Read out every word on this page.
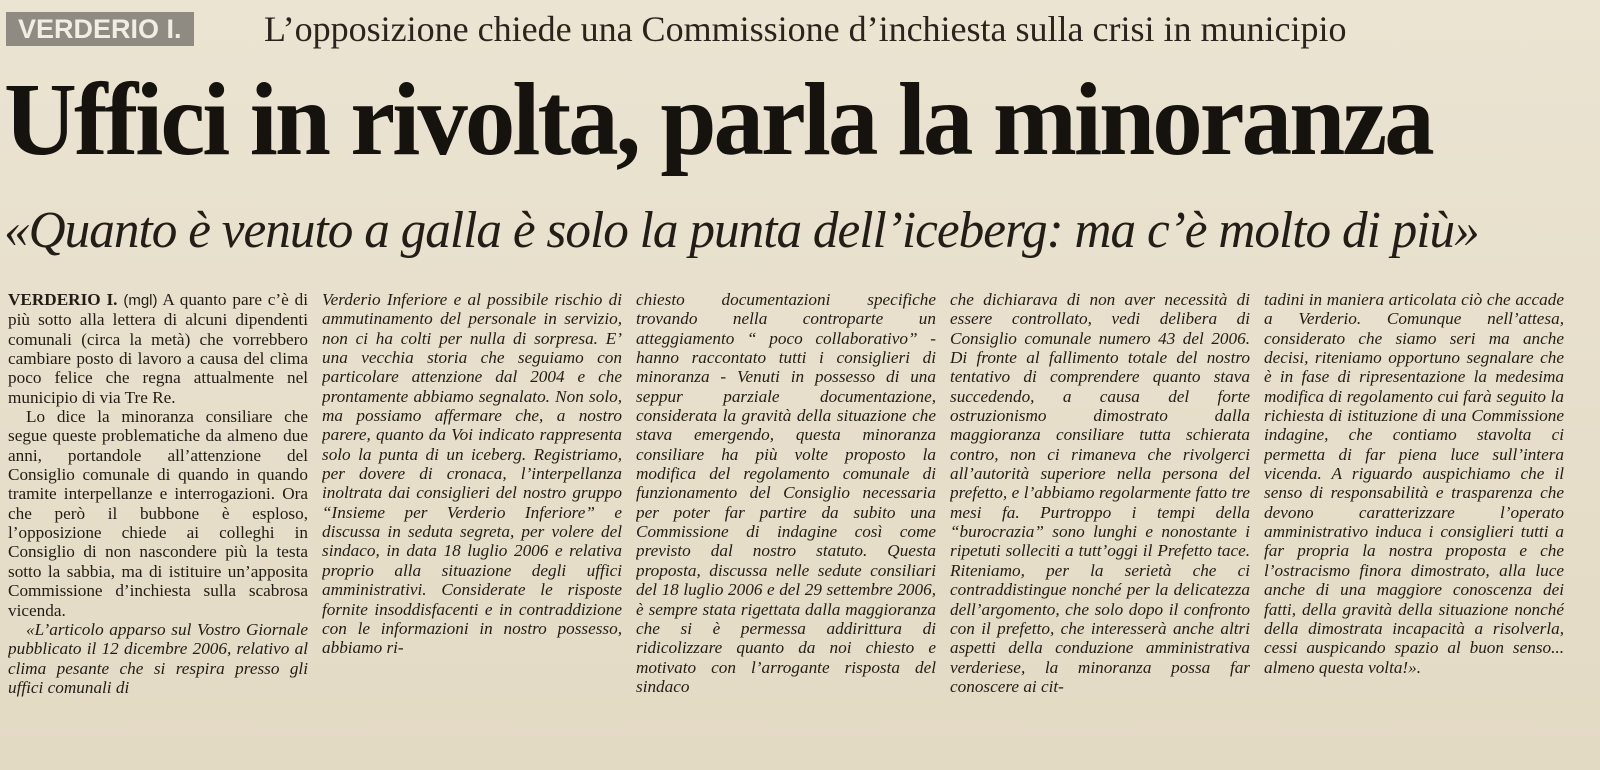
VERDERIO I.	L’opposizione chiede una Commissione d’inchiesta sulla crisi in municipio
Uffici in rivolta, parla la minoranza
«Quanto è venuto a galla è solo la punta dell’iceberg: ma c’è molto di più»

VERDERIO I. (mgl) A quanto pare c’è di più sotto alla lettera di alcuni dipendenti comunali (circa la metà) che vorrebbero cambiare posto di lavoro a causa del clima poco felice che regna attualmente nel municipio di via Tre Re.

Lo dice la minoranza consiliare che segue queste problematiche da almeno due anni, portandole all’attenzione del Consiglio comunale di quando in quando tramite interpellanze e interrogazioni. Ora che però il bubbone è esploso, l’opposizione chiede ai colleghi in Consiglio di non nascondere più la testa sotto la sabbia, ma di istituire un’apposita Commissione d’inchiesta sulla scabrosa vicenda.

«L’articolo apparso sul Vostro Giornale pubblicato il 12 dicembre 2006, relativo al clima pesante che si respira presso gli uffici comunali di

Verderio Inferiore e al possibile rischio di ammutinamento del personale in servizio, non ci ha colti per nulla di sorpresa. E’ una vecchia storia che seguiamo con particolare attenzione dal 2004 e che prontamente abbiamo segnalato. Non solo, ma possiamo affermare che, a nostro parere, quanto da Voi indicato rappresenta solo la punta di un iceberg. Registriamo, per dovere di cronaca, l’interpellanza inoltrata dai consiglieri del nostro gruppo “Insieme per Verderio Inferiore” e discussa in seduta segreta, per volere del sindaco, in data 18 luglio 2006 e relativa proprio alla situazione degli uffici amministrativi. Considerate le risposte fornite insoddisfacenti e in contraddizione con le informazioni in nostro possesso, abbiamo ri-

chiesto documentazioni specifiche trovando nella controparte un atteggiamento “ poco collaborativo” - hanno raccontato tutti i consiglieri di minoranza - Venuti in possesso di una seppur parziale documentazione, considerata la gravità della situazione che stava emergendo, questa minoranza consiliare ha più volte proposto la modifica del regolamento comunale di funzionamento del Consiglio necessaria per poter far partire da subito una Commissione di indagine così come previsto dal nostro statuto. Questa proposta, discussa nelle sedute consiliari del 18 luglio 2006 e del 29 settembre 2006, è sempre stata rigettata dalla maggioranza che si è permessa addirittura di ridicolizzare quanto da noi chiesto e motivato con l’arrogante risposta del sindaco

che dichiarava di non aver necessità di essere controllato, vedi delibera di Consiglio comunale numero 43 del 2006. Di fronte al fallimento totale del nostro tentativo di comprendere quanto stava succedendo, a causa del forte ostruzionismo dimostrato dalla maggioranza consiliare tutta schierata contro, non ci rimaneva che rivolgerci all’autorità superiore nella persona del prefetto, e l’abbiamo regolarmente fatto tre mesi fa. Purtroppo i tempi della “burocrazia” sono lunghi e nonostante i ripetuti solleciti a tutt’oggi il Prefetto tace. Riteniamo, per la serietà che ci contraddistingue nonché per la delicatezza dell’argomento, che solo dopo il confronto con il prefetto, che interesserà anche altri aspetti della conduzione amministrativa verderiese, la minoranza possa far conoscere ai cit-

tadini in maniera articolata ciò che accade a Verderio. Comunque nell’attesa, considerato che siamo seri ma anche decisi, riteniamo opportuno segnalare che è in fase di ripresentazione la medesima modifica di regolamento cui farà seguito la richiesta di istituzione di una Commissione indagine, che contiamo stavolta ci permetta di far piena luce sull’intera vicenda. A riguardo auspichiamo che il senso di responsabilità e trasparenza che devono caratterizzare l’operato amministrativo induca i consiglieri tutti a far propria la nostra proposta e che l’ostracismo finora dimostrato, alla luce anche di una maggiore conoscenza dei fatti, della gravità della situazione nonché della dimostrata incapacità a risolverla, cessi auspicando spazio al buon senso... almeno questa volta!».
